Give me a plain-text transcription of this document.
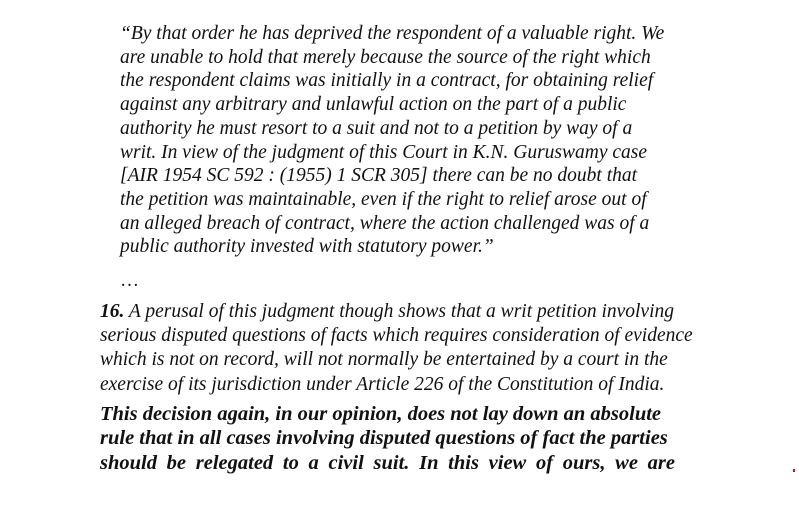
“By that order he has deprived the respondent of a valuable right. We
are unable to hold that merely because the source of the right which
the respondent claims was initially in a contract, for obtaining relief
against any arbitrary and unlawful action on the part of a public
authority he must resort to a suit and not to a petition by way of a
writ. In view of the judgment of this Court in K.N. Guruswamy case
[AIR 1954 SC 592 : (1955) 1 SCR 305] there can be no doubt that
the petition was maintainable, even if the right to relief arose out of
an alleged breach of contract, where the action challenged was of a
public authority invested with statutory power.”
…
16. A perusal of this judgment though shows that a writ petition involving
serious disputed questions of facts which requires consideration of evidence
which is not on record, will not normally be entertained by a court in the
exercise of its jurisdiction under Article 226 of the Constitution of India.
This decision again, in our opinion, does not lay down an absolute
rule that in all cases involving disputed questions of fact the parties
should be relegated to a civil suit. In this view of ours, we are
